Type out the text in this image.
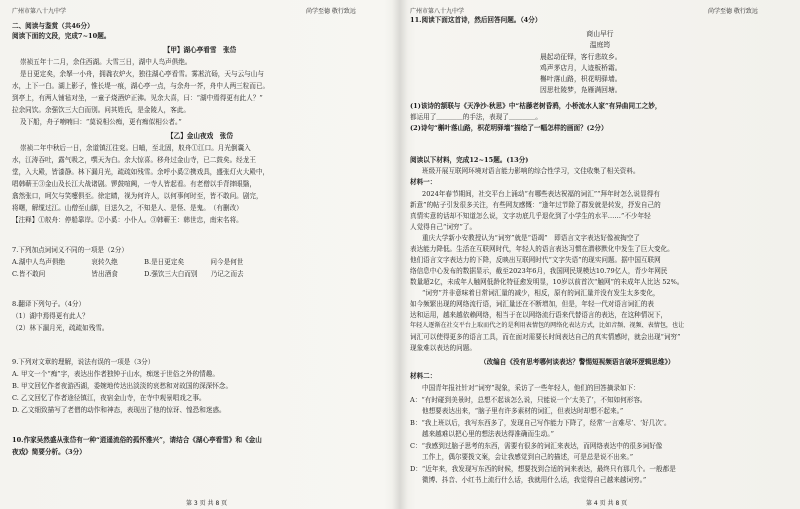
广州市第八十九中学	尚学至德 敬行致远
二、阅读与鉴赏（共46分）
阅读下面的文段，完成7~10题。
【甲】湖心亭看雪　张岱
崇祯五年十二月，余住西湖。大雪三日，湖中人鸟声俱绝。
是日更定矣，余拏一小舟，拥毳衣炉火，独往湖心亭看雪。雾凇沆砀，天与云与山与
水，上下一白。湖上影子，惟长堤一痕，湖心亭一点，与余舟一芥，舟中人两三粒而已。
到亭上，有两人铺毡对坐，一童子烧酒炉正沸。见余大喜，曰：“湖中焉得更有此人？”
拉余同饮。余强饮三大白而别。问其姓氏，是金陵人，客此。
及下船，舟子喃喃曰：“莫说相公痴，更有痴似相公者。”
【乙】金山夜戏　张岱
崇祯二年中秋后一日，余道镇江往兖。日晡，至北固，舣舟①江口。月光倒囊入
水，江涛吞吐，露气吸之，噀天为白。余大惊喜。移舟过金山寺，已二鼓矣。经龙王
堂，入大殿，皆漆静。林下漏月光，疏疏如残雪。余呼小奚②携戏具，盛张灯火大殿中，
唱韩蕲王③金山及长江大战诸剧。锣鼓喧阗，一寺人皆起看。有老僧以手背摔眼翳，
翕然张口，呵欠与笑嚏俱至。徐定睛，视为何许人，以何事何时至，皆不敢问。剧完，
将曙，解缆过江。山僧至山脚，目送久之，不知是人、是怪、是鬼。　（有删改）
【注释】①舣舟：停船靠岸。②小奚：小仆人。③韩蕲王：韩世忠，南宋名将。
7.下列加点词词义不同的一项是（2分）
A.湖中人鸟声俱绝　　　　哀转久绝　　　　B.是日更定矣　　　　问今是何世
C.皆不敢问　　　　　　　皆出酒食　　　　D.强饮三大白而别　　乃记之而去
8.翻译下列句子。（4分）
（1）湖中焉得更有此人？
（2）林下漏月光，疏疏如残雪。
9.下列对文章的理解，说法有误的一项是（3分）
A. 甲文一个“痴”字，表达出作者独钟于山水，痴迷于世俗之外的情趣。
B. 甲文回忆作者夜游西湖，委婉地传达出淡淡的哀愁和对故国的深深怀念。
C. 乙文回忆了作者途径镇江，夜宿金山寺，在寺中观景唱戏之事。
D. 乙文细致描写了老僧的动作和神态，表现出了他的惊讶、惶恐和迷惑。
10.作家吴然盛从张岱有一种“逍遥流俗的孤怀雅兴”，请结合《湖心亭看雪》和《金山
夜戏》简要分析。（3分）
第 3 页 共 8 页
广州市第八十九中学	尚学至德 敬行致远
11.阅读下面这首诗，然后回答问题。（4分）
商山早行
温庭筠
晨起动征铎，客行悲故乡。
鸡声茅店月，人迹板桥霜。
槲叶落山路，枳花明驿墙。
因思杜陵梦，凫雁满回塘。
(1)该诗的颔联与《天净沙·秋思》中“枯藤老树昏鸦，小桥流水人家”有异曲同工之妙，
都运用了＿＿＿＿的手法，表现了＿＿＿＿。
(2)诗句“槲叶落山路，枳花明驿墙”描绘了一幅怎样的画面？(2分）
阅读以下材料，完成12~15题。(13分)
班级开展互联网环境对语言能力影响的综合性学习，文佳收集了相关资料。
材料一：
2024年春节期间，社交平台上涌动“有哪些表达祝福的词汇”“拜年时怎么说显得有
新意”的帖子引发很多关注，有些网友感慨：“逢年过节除了群发就是转发，抒发自己的
真情实意的话却不知道怎么说，文字功底几乎退化到了小学生的水平……”不少年轻
人觉得自己“词穷”了。
重庆大学新小安教授认为“词穷”就是“语竭”　即语言文字表达好像被掏空了
表达能力降低。生活在互联网时代，年轻人的语言表达习惯在潜移默化中发生了巨大变化。
他们语言文字表达力的下降，反映出互联网时代“文字失语”的现实问题。据中国互联网
络信息中心发布的数据显示，截至2023年6月，我国网民规模达10.79亿人，青少年网民
数量超2亿，未成年人触网低龄化特征愈发明显，10岁以前首次“触网”的未成年人比达 52%。
“词穷”并非意味着日常词汇量的减少，相反，原有的词汇量并没有发生太多变化，
如今频繁出现的网络流行语，词汇量还在不断增加，但是，年轻一代对语言词汇的表
达和运用，越来越依赖网络，相当于在以网络流行语来代替语言的表达，在这种情况下，
年轻人逐渐在社交平台上取而代之的是利用表情包的网络化表达方式，比如音频、视频、表情包，也让
词汇可以使得更多的语言工具，而在面对需要长时间表达自己的真实情感时，就会出现“词穷”
现象难以表达的问题。
（改编自《没有思考哪何谈表达？警惕短视频语言破坏逻辑思维》）
材料二：
中国青年报社针对“词穷”现象，采访了一些年轻人，他们的回答摘录如下：
A：“有时碰到美景时，总想不起该怎么说，只能说一个‘太美了’，不知如何形容。
他想要表达出来，“脑子里有许多素材的词汇，但表达时却想不起来。”
B：“我上班以后，我写东西多了，发现自己写作能力下降了，经常‘一言难尽’、‘好几次’。
越来越难以把心里的想法表达得准确而生动。”
C：“我感到过脑子思考的东西，需要有很多的词汇来表达，而网络表达中的很多词好像
工作上，偶尔要拨文案，会让我感觉到自己的描述，可是总是说不出来。”
D：“近年来，我发现写东西的时候，想要找到合适的词来表达，最终只有那几个。一般都是
微博、抖音、小红书上流行什么话，我就用什么话，我觉得自己越来越词穷。”
第 4 页 共 8 页
